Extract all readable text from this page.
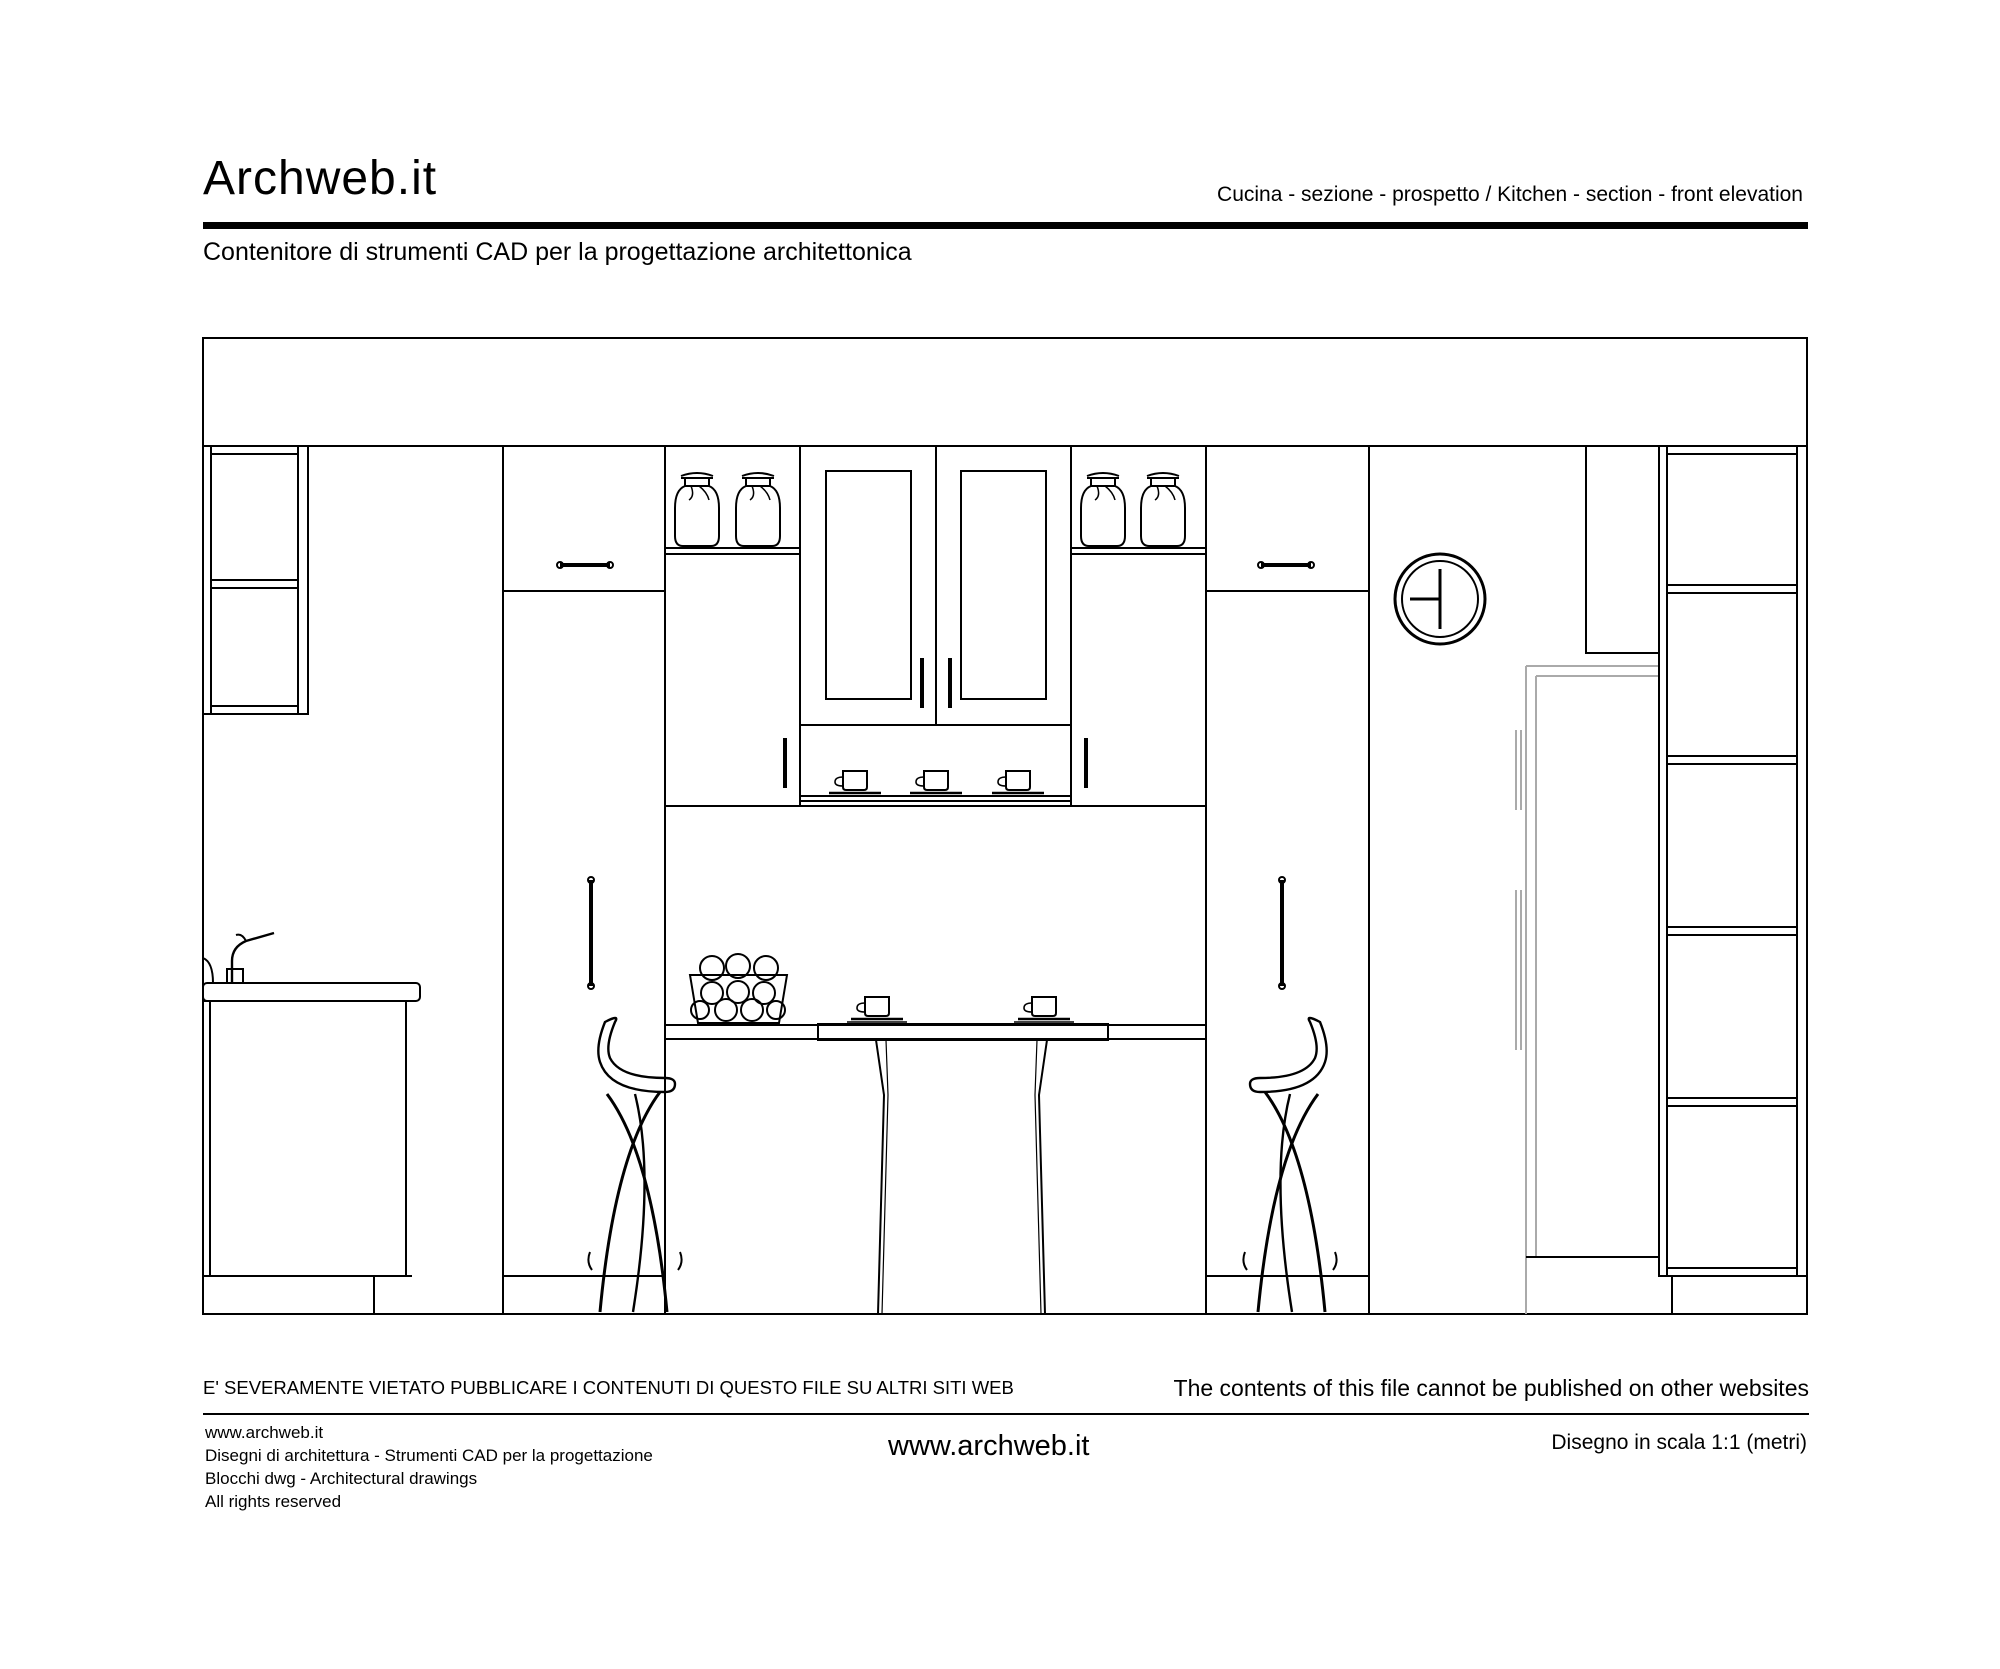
Archweb.it	Cucina - sezione - prospetto / Kitchen - section - front elevation
Contenitore di strumenti CAD per la progettazione architettonica
E' SEVERAMENTE VIETATO PUBBLICARE I CONTENUTI DI QUESTO FILE SU ALTRI SITI WEB	The contents of this file cannot be published on other websites
www.archweb.it
Disegni di architettura - Strumenti CAD per la progettazione
Blocchi dwg - Architectural drawings
All rights reserved
www.archweb.it	Disegno in scala 1:1 (metri)
